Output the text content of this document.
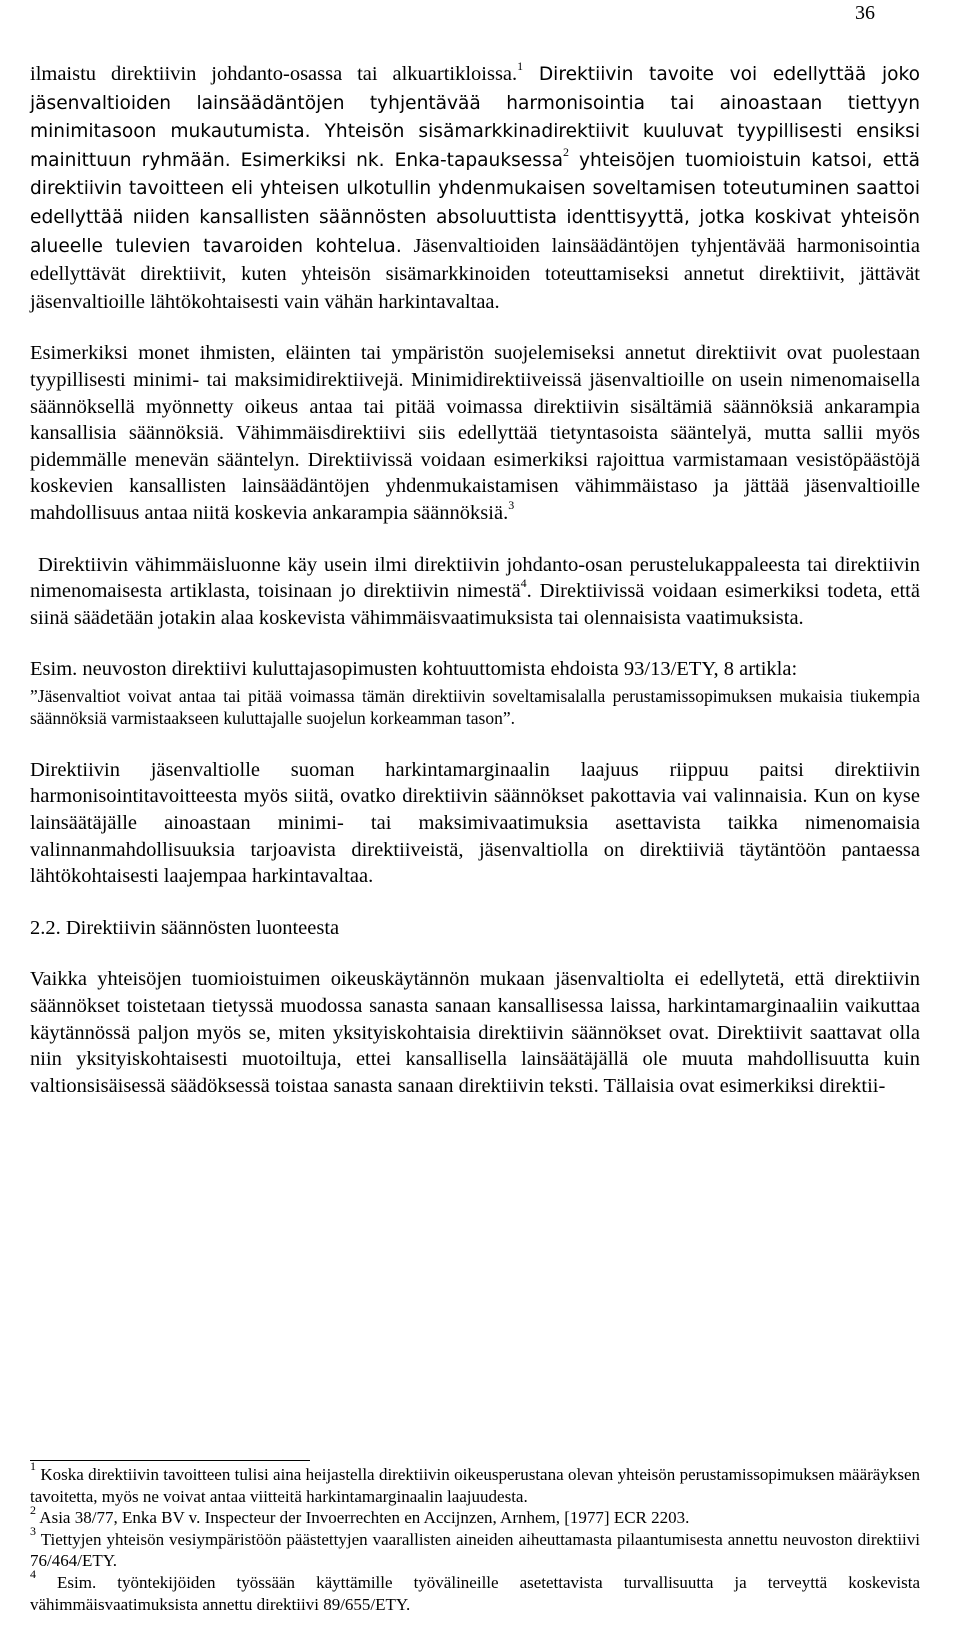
36

ilmaistu direktiivin johdanto-osassa tai alkuartikloissa.$^1$ Direktiivin tavoite voi edellyttää joko jäsenvaltioiden lainsäädäntöjen tyhjentävää harmonisointia tai ainoastaan tiettyyn minimitasoon mukautumista. Yhteisön sisämarkkinadirektiivit kuuluvat tyypillisesti ensiksi mainittuun ryhmään. Esimerkiksi nk. Enka-tapauksessa$^2$ yhteisöjen tuomioistuin katsoi, että direktiivin tavoitteen eli yhteisen ulkotullin yhdenmukaisen soveltamisen toteutuminen saattoi edellyttää niiden kansallisten säännösten absoluuttista identtisyyttä, jotka koskivat yhteisön alueelle tulevien tavaroiden kohtelua. Jäsenvaltioiden lainsäädäntöjen tyhjentävää harmonisointia edellyttävät direktiivit, kuten yhteisön sisämarkkinoiden toteuttamiseksi annetut direktiivit, jättävät jäsenvaltioille lähtökohtaisesti vain vähän harkintavaltaa.

Esimerkiksi monet ihmisten, eläinten tai ympäristön suojelemiseksi annetut direktiivit ovat puolestaan tyypillisesti minimi- tai maksimidirektiivejä. Minimidirektiiveissä jäsenvaltioille on usein nimenomaisella säännöksellä myönnetty oikeus antaa tai pitää voimassa direktiivin sisältämiä säännöksiä ankarampia kansallisia säännöksiä. Vähimmäisdirektiivi siis edellyttää tietyntasoista sääntelyä, mutta sallii myös pidemmälle menevän sääntelyn. Direktiivissä voidaan esimerkiksi rajoittua varmistamaan vesistöpäästöjä koskevien kansallisten lainsäädäntöjen yhdenmukaistamisen vähimmäistaso ja jättää jäsenvaltioille mahdollisuus antaa niitä koskevia ankarampia säännöksiä.$^3$

Direktiivin vähimmäisluonne käy usein ilmi direktiivin johdanto-osan perustelukappaleesta tai direktiivin nimenomaisesta artiklasta, toisinaan jo direktiivin nimestä$^4$. Direktiivissä voidaan esimerkiksi todeta, että siinä säädetään jotakin alaa koskevista vähimmäisvaatimuksista tai olennaisista vaatimuksista.

Esim. neuvoston direktiivi kuluttajasopimusten kohtuuttomista ehdoista 93/13/ETY, 8 artikla:

”Jäsenvaltiot voivat antaa tai pitää voimassa tämän direktiivin soveltamisalalla perustamissopimuksen mukaisia tiukempia säännöksiä varmistaakseen kuluttajalle suojelun korkeamman tason”.

Direktiivin jäsenvaltiolle suoman harkintamarginaalin laajuus riippuu paitsi direktiivin harmonisointitavoitteesta myös siitä, ovatko direktiivin säännökset pakottavia vai valinnaisia. Kun on kyse lainsäätäjälle ainoastaan minimi- tai maksimivaatimuksia asettavista taikka nimenomaisia valinnanmahdollisuuksia tarjoavista direktiiveistä, jäsenvaltiolla on direktiiviä täytäntöön pantaessa lähtökohtaisesti laajempaa harkintavaltaa.

2.2. Direktiivin säännösten luonteesta

Vaikka yhteisöjen tuomioistuimen oikeuskäytännön mukaan jäsenvaltiolta ei edellytetä, että direktiivin säännökset toistetaan tietyssä muodossa sanasta sanaan kansallisessa laissa, harkintamarginaaliin vaikuttaa käytännössä paljon myös se, miten yksityiskohtaisia direktiivin säännökset ovat. Direktiivit saattavat olla niin yksityiskohtaisesti muotoiltuja, ettei kansallisella lainsäätäjällä ole muuta mahdollisuutta kuin valtionsisäisessä säädöksessä toistaa sanasta sanaan direktiivin teksti. Tällaisia ovat esimerkiksi direktii-

$^1$ Koska direktiivin tavoitteen tulisi aina heijastella direktiivin oikeusperustana olevan yhteisön perustamissopimuksen määräyksen tavoitetta, myös ne voivat antaa viitteitä harkintamarginaalin laajuudesta.

$^2$ Asia 38/77, Enka BV v. Inspecteur der Invoerrechten en Accijnzen, Arnhem, [1977] ECR 2203.

$^3$ Tiettyjen yhteisön vesiympäristöön päästettyjen vaarallisten aineiden aiheuttamasta pilaantumisesta annettu neuvoston direktiivi 76/464/ETY.

$^4$ Esim. työntekijöiden työssään käyttämille työvälineille asetettavista turvallisuutta ja terveyttä koskevista vähimmäisvaatimuksista annettu direktiivi 89/655/ETY.
